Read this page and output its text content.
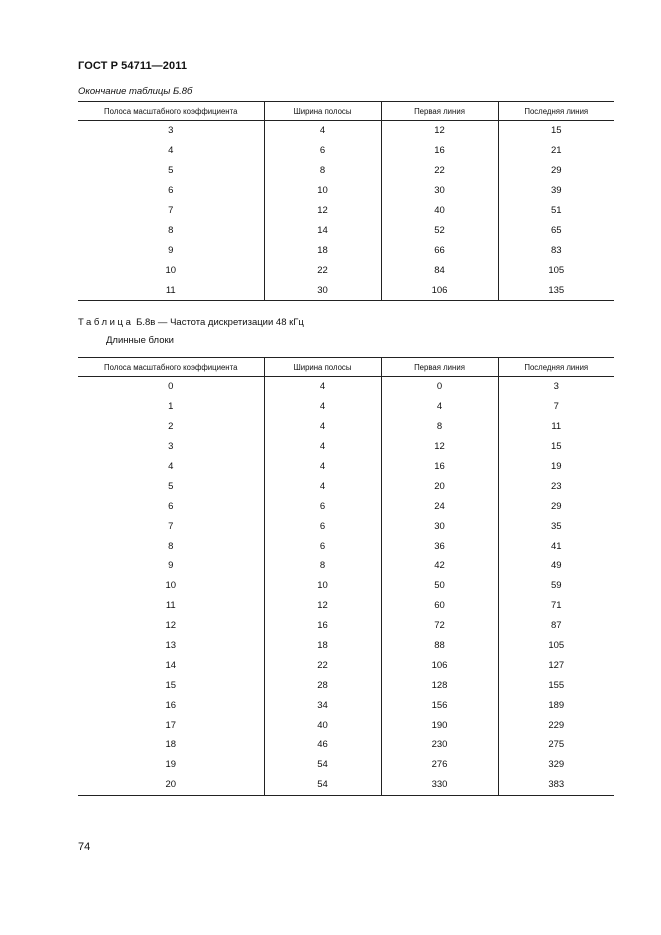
ГОСТ Р 54711—2011
Окончание таблицы Б.8б
Полоса масштабного коэффициента	Ширина полосы	Первая линия	Последняя линия
3	4	12	15
4	6	16	21
5	8	22	29
6	10	30	39
7	12	40	51
8	14	52	65
9	18	66	83
10	22	84	105
11	30	106	135
Таблица Б.8в — Частота дискретизации 48 кГц
Длинные блоки
Полоса масштабного коэффициента	Ширина полосы	Первая линия	Последняя линия
0	4	0	3
1	4	4	7
2	4	8	11
3	4	12	15
4	4	16	19
5	4	20	23
6	6	24	29
7	6	30	35
8	6	36	41
9	8	42	49
10	10	50	59
11	12	60	71
12	16	72	87
13	18	88	105
14	22	106	127
15	28	128	155
16	34	156	189
17	40	190	229
18	46	230	275
19	54	276	329
20	54	330	383
74
